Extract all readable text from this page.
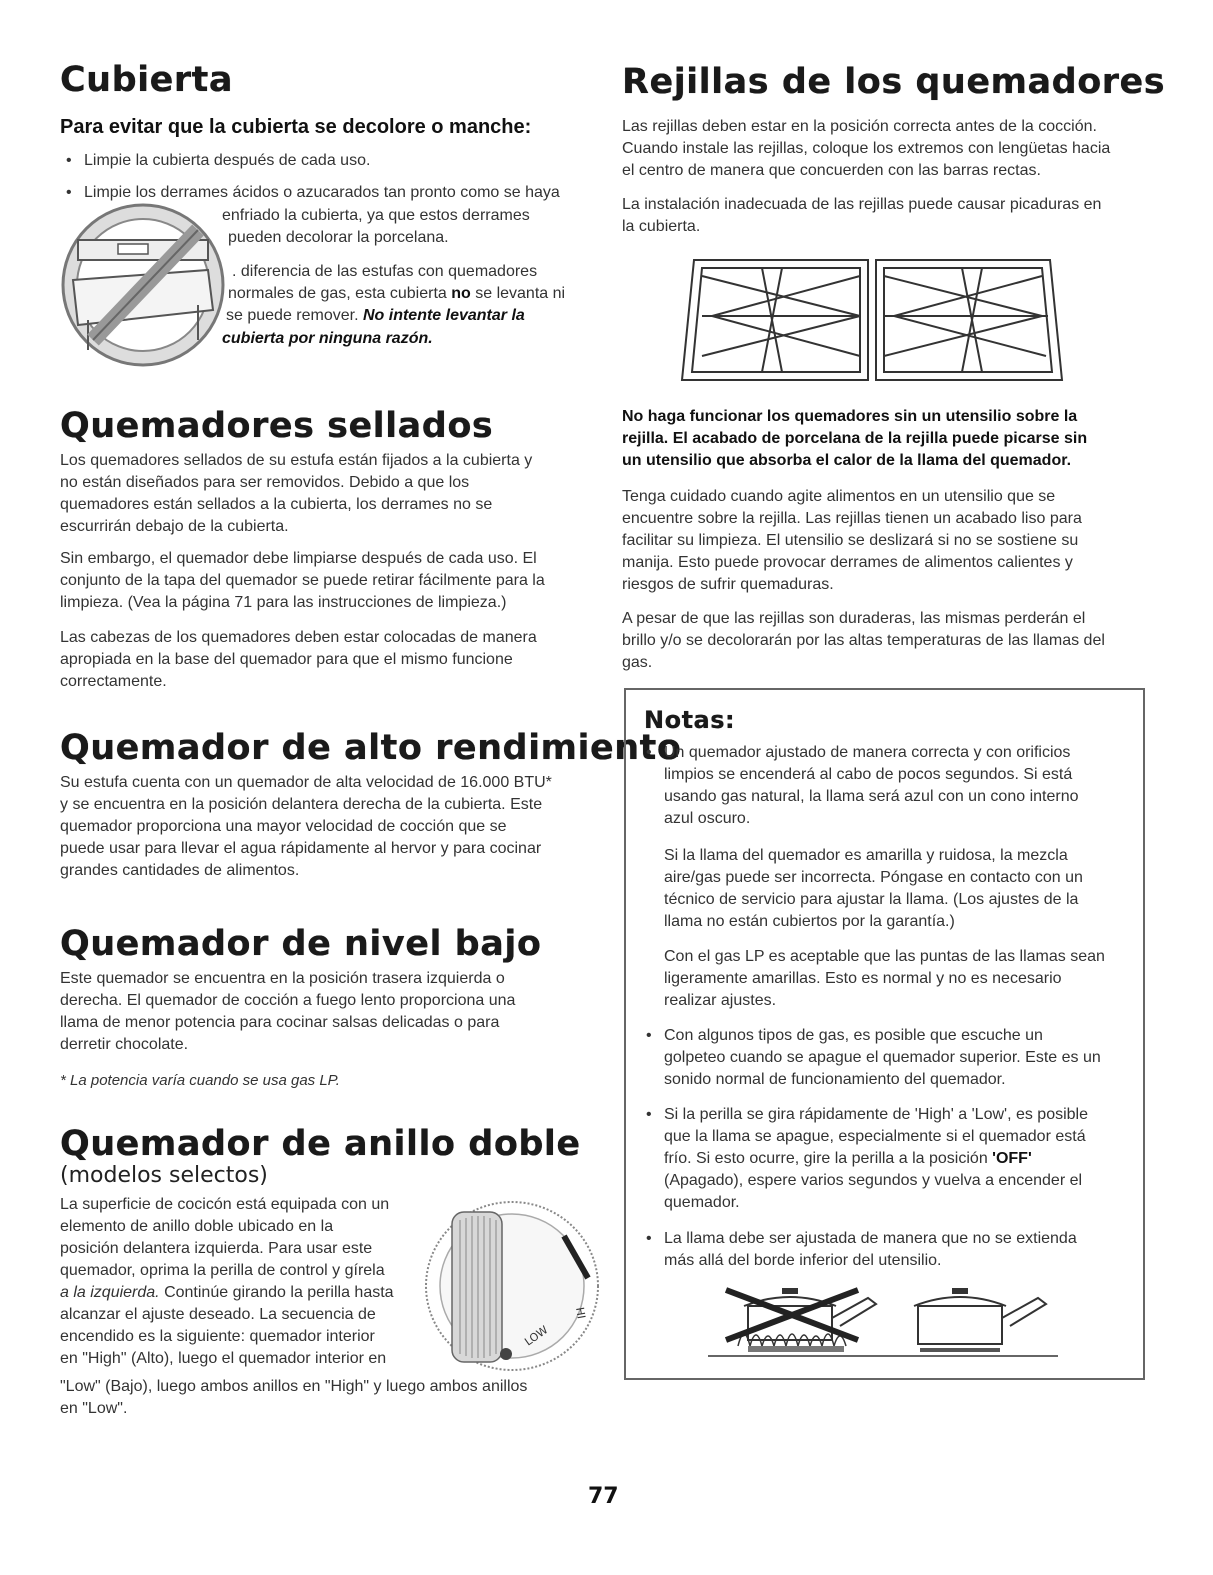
Cubierta
Para evitar que la cubierta se decolore o manche:
• Limpie la cubierta después de cada uso.
• Limpie los derrames ácidos o azucarados tan pronto como se haya

enfriado la cubierta, ya que estos derrames

pueden decolorar la porcelana.

. diferencia de las estufas con quemadores

normales de gas, esta cubierta no se levanta ni

se puede remover. No intente levantar la

cubierta por ninguna razón.

Quemadores sellados

Los quemadores sellados de su estufa están fijados a la cubierta y

no están diseñados para ser removidos. Debido a que los

quemadores están sellados a la cubierta, los derrames no se

escurrirán debajo de la cubierta.

Sin embargo, el quemador debe limpiarse después de cada uso. El

conjunto de la tapa del quemador se puede retirar fácilmente para la

limpieza. (Vea la página 71 para las instrucciones de limpieza.)

Las cabezas de los quemadores deben estar colocadas de manera

apropiada en la base del quemador para que el mismo funcione

correctamente.

Quemador de alto rendimiento

Su estufa cuenta con un quemador de alta velocidad de 16.000 BTU*

y se encuentra en la posición delantera derecha de la cubierta. Este

quemador proporciona una mayor velocidad de cocción que se

puede usar para llevar el agua rápidamente al hervor y para cocinar

grandes cantidades de alimentos.

Quemador de nivel bajo

Este quemador se encuentra en la posición trasera izquierda o

derecha. El quemador de cocción a fuego lento proporciona una

llama de menor potencia para cocinar salsas delicadas o para

derretir chocolate.

* La potencia varía cuando se usa gas LP.

Quemador de anillo doble
(modelos selectos)

La superficie de cocicón está equipada con un

elemento de anillo doble ubicado en la

posición delantera izquierda. Para usar este

quemador, oprima la perilla de control y gírela

a la izquierda. Continúe girando la perilla hasta

alcanzar el ajuste deseado. La secuencia de

encendido es la siguiente: quemador interior

en "High" (Alto), luego el quemador interior en

"Low" (Bajo), luego ambos anillos en "High" y luego ambos anillos

en "Low".

HI
LOW
Rejillas de los quemadores

Las rejillas deben estar en la posición correcta antes de la cocción.

Cuando instale las rejillas, coloque los extremos con lengüetas hacia

el centro de manera que concuerden con las barras rectas.

La instalación inadecuada de las rejillas puede causar picaduras en

la cubierta.

No haga funcionar los quemadores sin un utensilio sobre la

rejilla. El acabado de porcelana de la rejilla puede picarse sin

un utensilio que absorba el calor de la llama del quemador.

Tenga cuidado cuando agite alimentos en un utensilio que se

encuentre sobre la rejilla. Las rejillas tienen un acabado liso para

facilitar su limpieza. El utensilio se deslizará si no se sostiene su

manija. Esto puede provocar derrames de alimentos calientes y

riesgos de sufrir quemaduras.

A pesar de que las rejillas son duraderas, las mismas perderán el

brillo y/o se decolorarán por las altas temperaturas de las llamas del

gas.

Notas:
• Un quemador ajustado de manera correcta y con orificios

limpios se encenderá al cabo de pocos segundos. Si está

usando gas natural, la llama será azul con un cono interno

azul oscuro.

Si la llama del quemador es amarilla y ruidosa, la mezcla

aire/gas puede ser incorrecta. Póngase en contacto con un

técnico de servicio para ajustar la llama. (Los ajustes de la

llama no están cubiertos por la garantía.)

Con el gas LP es aceptable que las puntas de las llamas sean

ligeramente amarillas. Esto es normal y no es necesario

realizar ajustes.

• Con algunos tipos de gas, es posible que escuche un

golpeteo cuando se apague el quemador superior. Este es un

sonido normal de funcionamiento del quemador.

• Si la perilla se gira rápidamente de 'High' a 'Low', es posible

que la llama se apague, especialmente si el quemador está

frío. Si esto ocurre, gire la perilla a la posición 'OFF'

(Apagado), espere varios segundos y vuelva a encender el

quemador.

• La llama debe ser ajustada de manera que no se extienda

más allá del borde inferior del utensilio.

77
